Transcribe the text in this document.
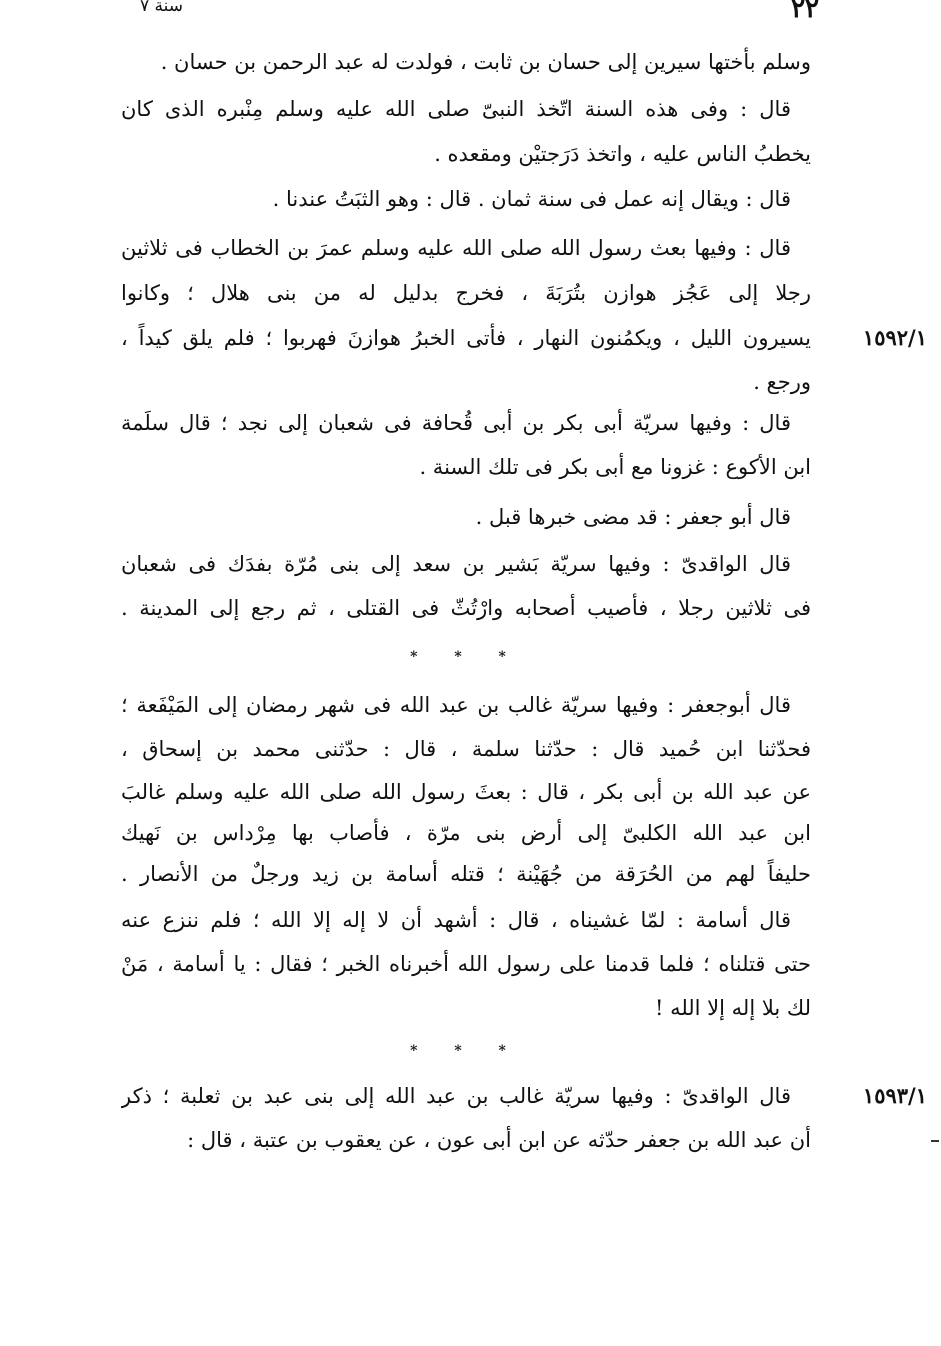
٢٢
سنة ٧
وسلم بأختها سيرين إلى حسان بن ثابت ، فولدت له عبد الرحمن بن حسان .
قال : وفى هذه السنة اتّخذ النبىّ صلى الله عليه وسلم مِنْبره الذى كان
يخطبُ الناس عليه ، واتخذ دَرَجتيْن ومقعده .
قال : ويقال إنه عمل فى سنة ثمان . قال : وهو الثبَتُ عندنا .
قال : وفيها بعث رسول الله صلى الله عليه وسلم عمرَ بن الخطاب فى ثلاثين
رجلا إلى عَجُز هوازن بتُرَبَةَ ، فخرج بدليل له من بنى هلال ؛ وكانوا
يسيرون الليل ، ويكمُنون النهار ، فأتى الخبرُ هوازنَ فهربوا ؛ فلم يلق كيداً ،	١٥٩٢/١
ورجع .
قال : وفيها سريّة أبى بكر بن أبى قُحافة فى شعبان إلى نجد ؛ قال سلَمة
ابن الأكوع : غزونا مع أبى بكر فى تلك السنة .
قال أبو جعفر : قد مضى خبرها قبل .
قال الواقدىّ : وفيها سريّة بَشير بن سعد إلى بنى مُرّة بفدَك فى شعبان
فى ثلاثين رجلا ، فأصيب أصحابه وارْتُثّ فى القتلى ، ثم رجع إلى المدينة .
* * *
قال أبوجعفر : وفيها سريّة غالب بن عبد الله فى شهر رمضان إلى المَيْفَعة ؛
فحدّثنا ابن حُميد قال : حدّثنا سلمة ، قال : حدّثنى محمد بن إسحاق ،
عن عبد الله بن أبى بكر ، قال : بعثَ رسول الله صلى الله عليه وسلم غالبَ
ابن عبد الله الكلبىّ إلى أرض بنى مرّة ، فأصاب بها مِرْداس بن نَهيك
حليفاً لهم من الحُرَقة من جُهَيْنة ؛ قتله أسامة بن زيد ورجلٌ من الأنصار .
قال أسامة : لمّا غشيناه ، قال : أشهد أن لا إله إلا الله ؛ فلم ننزع عنه
حتى قتلناه ؛ فلما قدمنا على رسول الله أخبرناه الخبر ؛ فقال : يا أسامة ، مَنْ
لك بلا إله إلا الله !
* * *
قال الواقدىّ : وفيها سريّة غالب بن عبد الله إلى بنى عبد بن ثعلبة ؛ ذكر	١٥٩٣/١
أن عبد الله بن جعفر حدّثه عن ابن أبى عون ، عن يعقوب بن عتبة ، قال :
